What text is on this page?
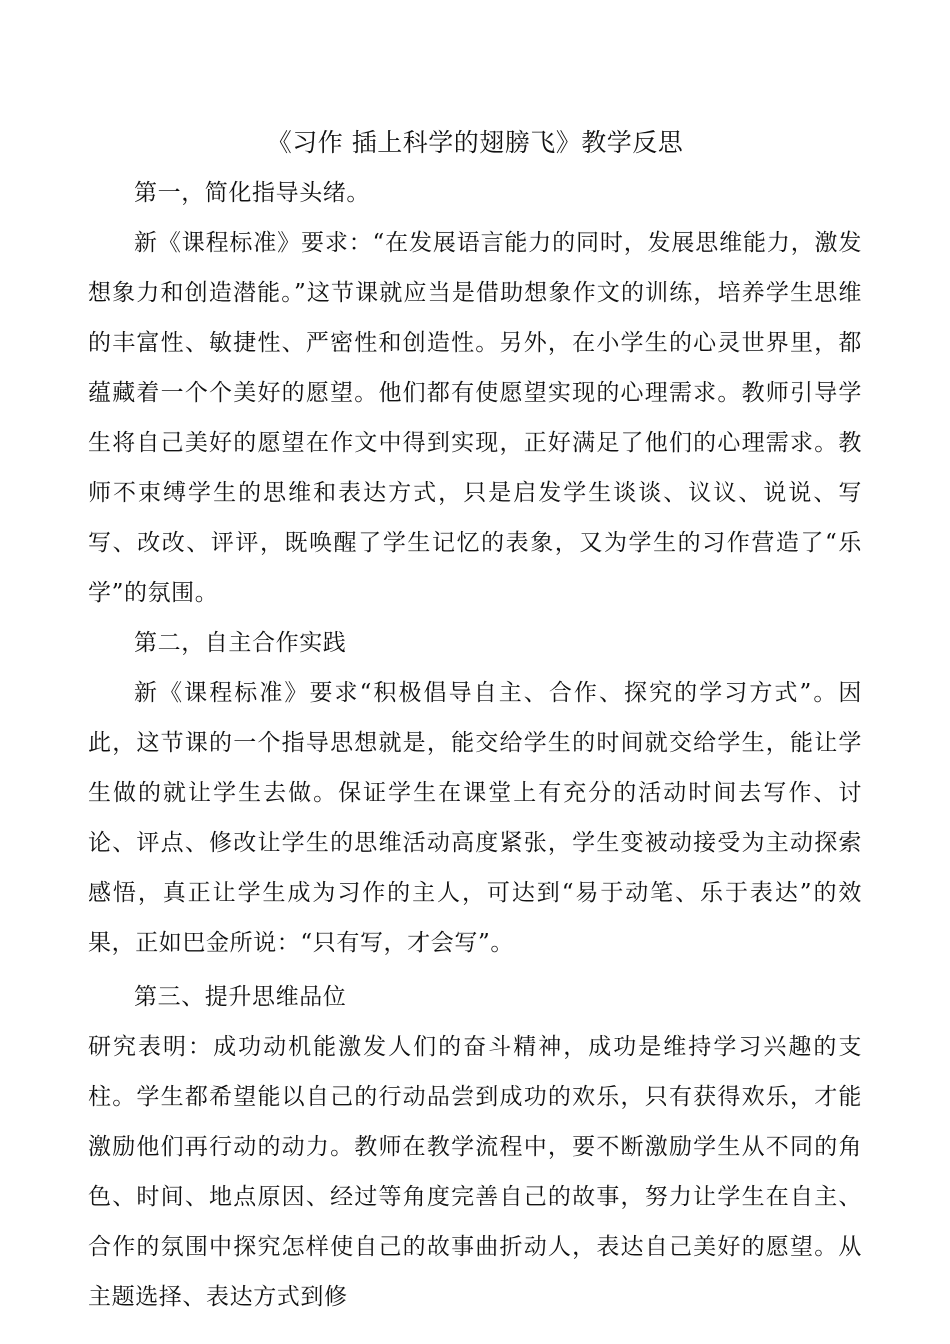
《习作 插上科学的翅膀飞》教学反思

第一，简化指导头绪。

新《课程标准》要求：“在发展语言能力的同时，发展思维能力，激发想象力和创造潜能。”这节课就应当是借助想象作文的训练，培养学生思维的丰富性、敏捷性、严密性和创造性。另外，在小学生的心灵世界里，都蕴藏着一个个美好的愿望。他们都有使愿望实现的心理需求。教师引导学生将自己美好的愿望在作文中得到实现，正好满足了他们的心理需求。教师不束缚学生的思维和表达方式，只是启发学生谈谈、议议、说说、写写、改改、评评，既唤醒了学生记忆的表象，又为学生的习作营造了“乐学”的氛围。

第二，自主合作实践

新《课程标准》要求“积极倡导自主、合作、探究的学习方式”。因此，这节课的一个指导思想就是，能交给学生的时间就交给学生，能让学生做的就让学生去做。保证学生在课堂上有充分的活动时间去写作、讨论、评点、修改让学生的思维活动高度紧张，学生变被动接受为主动探索感悟，真正让学生成为习作的主人，可达到“易于动笔、乐于表达”的效果，正如巴金所说：“只有写，才会写”。

第三、提升思维品位

研究表明：成功动机能激发人们的奋斗精神，成功是维持学习兴趣的支柱。学生都希望能以自己的行动品尝到成功的欢乐，只有获得欢乐，才能激励他们再行动的动力。教师在教学流程中，要不断激励学生从不同的角色、时间、地点原因、经过等角度完善自己的故事，努力让学生在自主、合作的氛围中探究怎样使自己的故事曲折动人，表达自己美好的愿望。从主题选择、表达方式到修
